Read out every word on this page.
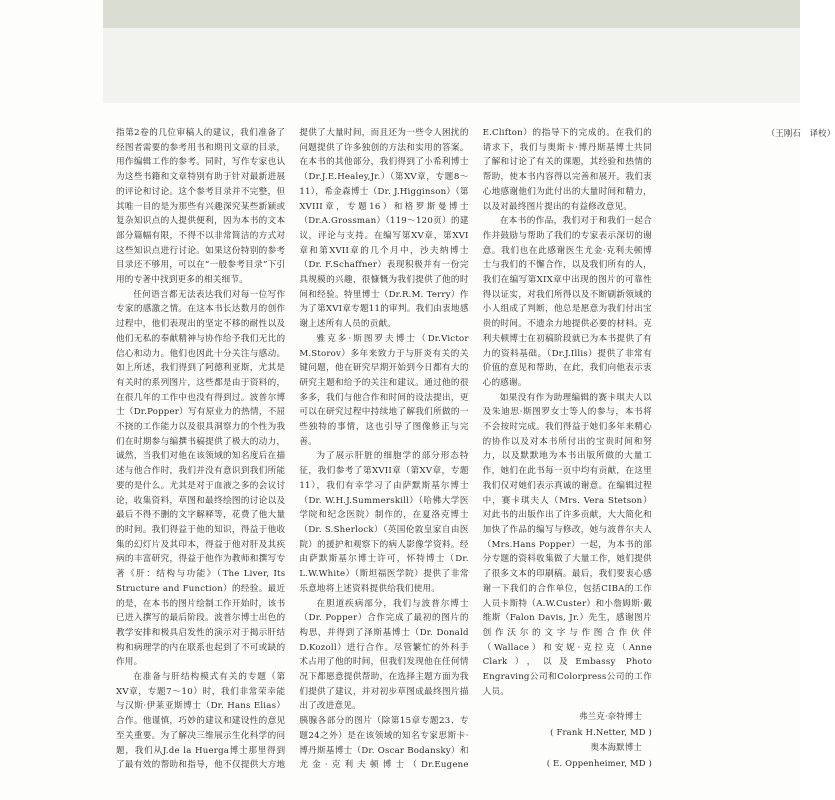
指第2卷的几位审稿人的建议，我们准备了经图者需要的参考用书和期刊文章的目录，用作编辑工作的参考。同时，写作专家也认为这些书籍和文章特别有助于针对最新进展的评论和讨论。这个参考目录并不完整，但其唯一目的是为那些有兴趣深究某些新颖或复杂知识点的人提供便利，因为本书的文本部分篇幅有限，不得不以非常简洁的方式对这些知识点进行讨论。如果这份特别的参考目录还不够用，可以在“一般参考目录”下引用的专著中找到更多的相关细节。

任何语言都无法表达我们对每一位写作专家的感激之情。在这本书长达数月的创作过程中，他们表现出的坚定不移的耐性以及他们无私的奉献精神与协作给予我们无比的信心和动力。他们也因此十分关注与感动。如上所述，我们得到了阿德利亚斯，尤其是有关时的系列图片，这些都是由于资料的，在很几年的工作中也没有得到过。波普尔博士（Dr.Popper）写有原业力的热情，不屈不挠的工作能力以及很具洞察力的个性为我们在时期参与编撰书稿提供了极大的动力，诚然，当我们对他在该领域的知名度后在描述与他合作时，我们并没有意识到我们所能要的是什么。尤其是对于血液之多的会议讨论，收集资料，草图和最终绘图的讨论以及最后不得不删的文字解释等，花费了他大量的时间。我们得益于他的知识，得益于他收集的幻灯片及其印本，得益于他对肝及其疾病的丰富研究，得益于他作为教师和撰写专著《肝：结构与功能》（The Liver, Its Structure and Function）的经验。最近的是，在本书的图片绘制工作开始时，该书已进入撰写的最后阶段。波普尔博士出色的教学安排和极具启发性的演示对于揭示肝结构和病理学的内在联系也起到了不可或缺的作用。

在准备与肝结构模式有关的专题（第XV章，专题7～10）时，我们非常荣幸能与汉斯·伊莱亚斯博士（Dr. Hans Elias）合作。他谨慎，巧妙的建议和建设性的意见至关重要。为了解决三维展示生化科学的问题，我们从J.de la Huerga博士那里得到了最有效的帮助和指导，他不仅提供大方地提供了大量时间，而且还为一些令人困扰的问题提供了许多独创的方法和实用的答案。在本书的其他部分，我们得到了小希利博士（Dr.J.E.Healey,Jr.）（第XV章，专题8～11），希金森博士（Dr. J.Higginson）（第XVIII章，专题16）和格罗斯曼博士（Dr.A.Grossman）（119～120页）的建议，评论与支持。在编写第XV章，第XVI章和第XVII章的几个月中，沙夫纳博士（Dr. F.Schaffner）表现积极并有一份完具规模的兴趣，很慷慨为我们提供了他的时间和经验。特里博士（Dr.R.M. Terry）作为了第XVI章专题11的审判。我们由衷地感谢上述所有人员的贡献。

雅克多·斯图罗夫博士（Dr.Victor M.Storov）多年来致力于与肝炎有关的关键问题，他在研究早期开始到今日都有大的研究主题和给予的关注和建议。通过他的很多多，我们与他合作和时间的设法提出，更可以在研究过程中持续地了解我们所做的一些独特的事情，这也引导了图像修正与完善。

为了展示肝脏的细胞学的部分形态特征，我们参考了第XVII章（第XV章，专题11），我们有幸学习了由萨默斯基尔博士（Dr. W.H.J.Summerskill）（哈佛大学医学院和纪念医院）制作的，在夏洛克博士（Dr. S.Sherlock）（英国伦敦皇家自由医院）的援护和观察下的病人影像学资料。经由萨默斯基尔博士许可，怀特博士（Dr. L.W.White）（斯坦福医学院）提供了非常乐意地将上述资料提供给我们使用。

在胆道疾病部分，我们与波普尔博士（Dr. Popper）合作完成了最初的图片的构思，并得到了泽斯基博士（Dr. Donald D.Kozoll）进行合作。尽管繁忙的外科手术占用了他的时间，但我们发现他在任何情况下都愿意提供帮助，在选择主题方面为我们提供了建议，并对初步草图成最终图片描出了改进意见。

胰腺各部分的图片（除第15章专题23、专题24之外）是在该领域的知名专家思斯卡·博丹斯基博士（Dr. Oscar Bodansky）和尤金·克利夫顿博士（Dr.Eugene E.Clifton）的指导下的完成的。在我们的请求下，我们与奥斯卡·博丹斯基博士共同了解和讨论了有关的课题，其经验和热情的帮助，使本书内容得以完善和展开。我们衷心地感谢他们为此付出的大量时间和精力，以及对最终图片提出的有益修改意见。

在本书的作品，我们对于和我们一起合作并鼓励与帮助了我们的专家表示深切的谢意。我们也在此感谢医生尤金·克利夫顿博士与我们的不懈合作，以及我们所有的人，我们在编写第XIX章中出现的图片的可靠性得以证实，对我们所得以及不断刷新领域的小人组成了判断，他总是愿意为我们付出宝贵的时间。不遗余力地提供必要的材料。克利夫顿博士在初稿阶段就已为本书提供了有力的资料基础。（Dr.J.Illis）提供了非常有价值的意见和帮助，在此，我们向他表示衷心的感谢。

如果没有作为助理编辑的赛卡琪夫人以及朱迪思·斯图罗女士等人的参与，本书将不会按时完成。我们得益于她们多年来精心的协作以及对本书所付出的宝贵时间和努力，以及默默地为本书出版所做的大量工作，她们在此书每一页中均有贡献，在这里我们仅对她们表示真诚的谢意。在编辑过程中，赛卡琪夫人（Mrs. Vera Stetson）对此书的出版作出了许多贡献，大大简化和加快了作品的编写与修改，她与波普尔夫人（Mrs.Hans Popper）一起，为本书的部分专题的资料收集做了大量工作，她们提供了很多文本的印刷稿。最后，我们要衷心感谢一下我们的合作单位，包括CIBA的工作人员卡斯特（A.W.Custer）和小詹姆斯·戴维斯（Falon Davis, Jr.）先生，感谢图片创作沃尔的文字与作图合作伙伴（Wallace）和安妮·克拉克（Anne Clark），以及Embassy Photo Engraving公司和Colorpress公司的工作人员。

弗兰克·奈特博士
( Frank H.Netter, MD )
奥本海默博士
( E. Oppenheimer, MD )
（王刚石　译校）
